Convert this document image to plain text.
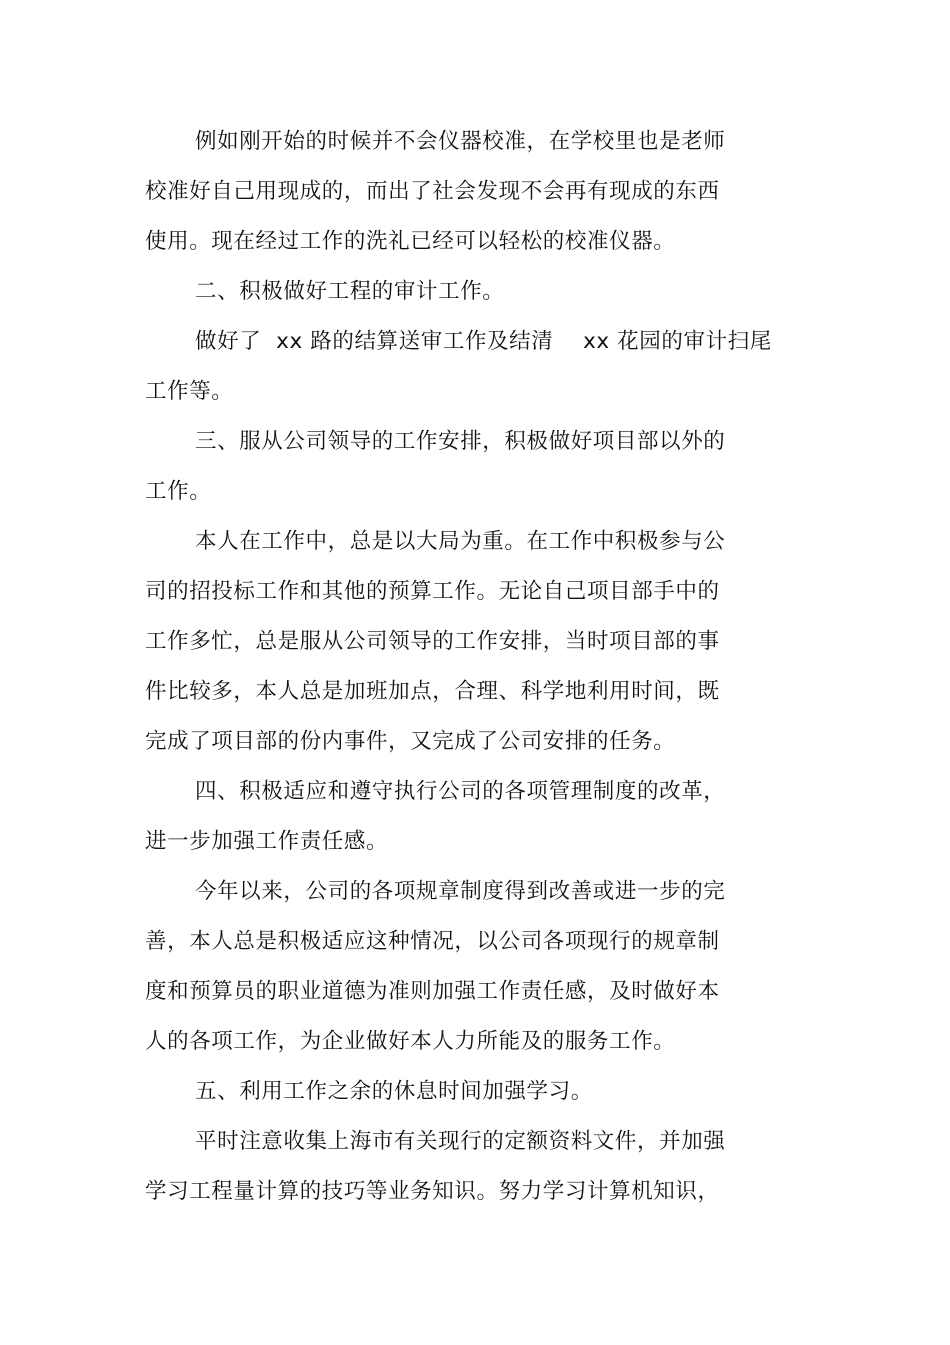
例如刚开始的时候并不会仪器校准，在学校里也是老师
校准好自己用现成的，而出了社会发现不会再有现成的东西
使用。现在经过工作的洗礼已经可以轻松的校准仪器。
二、积极做好工程的审计工作。
做好了  xx 路的结算送审工作及结清    xx 花园的审计扫尾
工作等。
三、服从公司领导的工作安排，积极做好项目部以外的
工作。
本人在工作中，总是以大局为重。在工作中积极参与公
司的招投标工作和其他的预算工作。无论自己项目部手中的
工作多忙，总是服从公司领导的工作安排，当时项目部的事
件比较多，本人总是加班加点，合理、科学地利用时间，既
完成了项目部的份内事件，又完成了公司安排的任务。
四、积极适应和遵守执行公司的各项管理制度的改革，
进一步加强工作责任感。
今年以来，公司的各项规章制度得到改善或进一步的完
善，本人总是积极适应这种情况，以公司各项现行的规章制
度和预算员的职业道德为准则加强工作责任感，及时做好本
人的各项工作，为企业做好本人力所能及的服务工作。
五、利用工作之余的休息时间加强学习。
平时注意收集上海市有关现行的定额资料文件，并加强
学习工程量计算的技巧等业务知识。努力学习计算机知识，
